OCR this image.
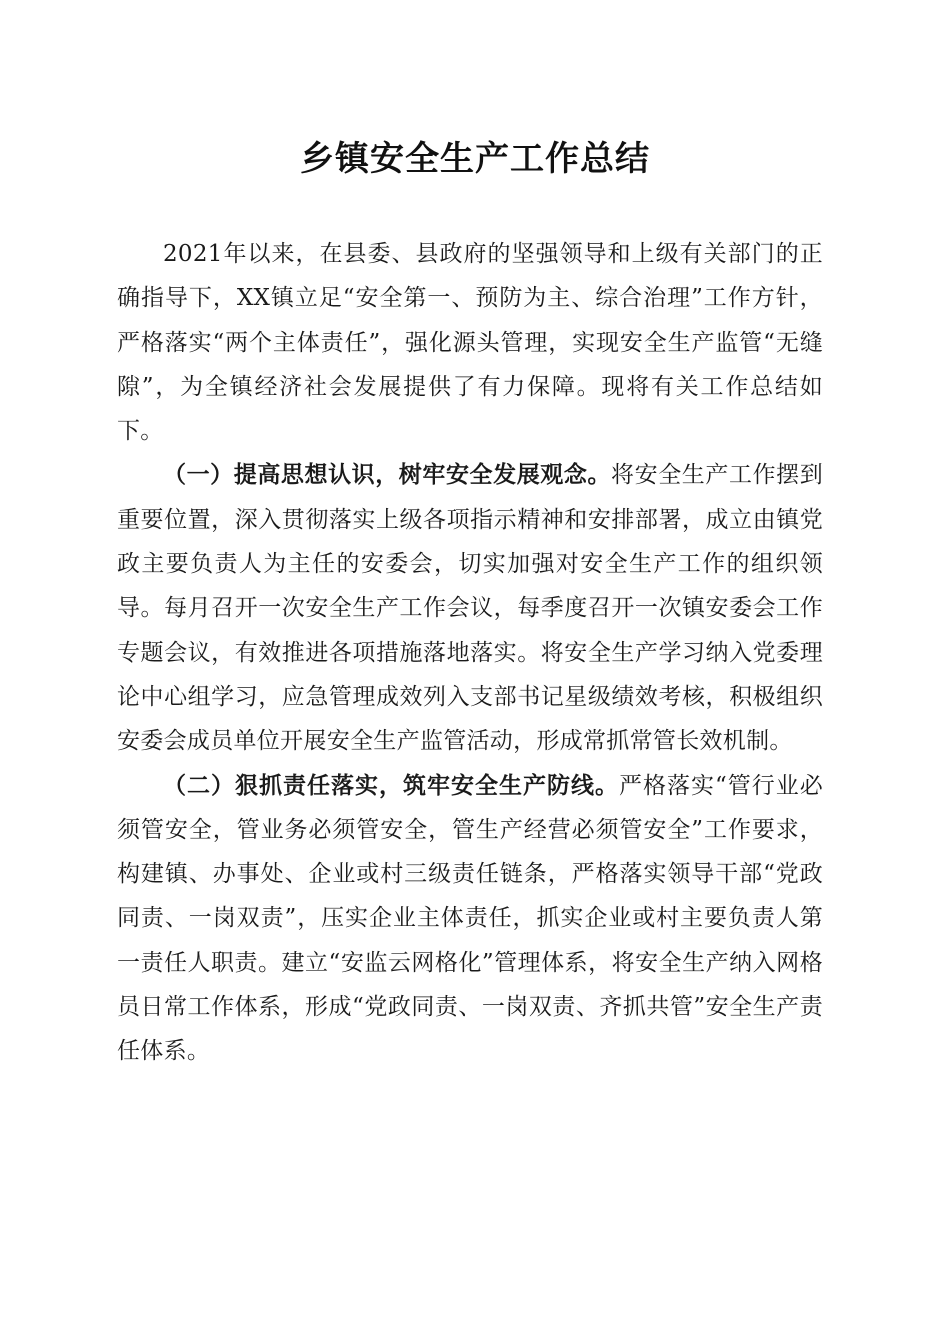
乡镇安全生产工作总结

2021年以来，在县委、县政府的坚强领导和上级有关部门的正确指导下，XX镇立足“安全第一、预防为主、综合治理”工作方针，严格落实“两个主体责任”，强化源头管理，实现安全生产监管“无缝隙”，为全镇经济社会发展提供了有力保障。现将有关工作总结如下。

（一）提高思想认识，树牢安全发展观念。将安全生产工作摆到重要位置，深入贯彻落实上级各项指示精神和安排部署，成立由镇党政主要负责人为主任的安委会，切实加强对安全生产工作的组织领导。每月召开一次安全生产工作会议，每季度召开一次镇安委会工作专题会议，有效推进各项措施落地落实。将安全生产学习纳入党委理论中心组学习，应急管理成效列入支部书记星级绩效考核，积极组织安委会成员单位开展安全生产监管活动，形成常抓常管长效机制。

（二）狠抓责任落实，筑牢安全生产防线。严格落实“管行业必须管安全，管业务必须管安全，管生产经营必须管安全”工作要求，构建镇、办事处、企业或村三级责任链条，严格落实领导干部“党政同责、一岗双责”，压实企业主体责任，抓实企业或村主要负责人第一责任人职责。建立“安监云网格化”管理体系，将安全生产纳入网格员日常工作体系，形成“党政同责、一岗双责、齐抓共管”安全生产责任体系。
